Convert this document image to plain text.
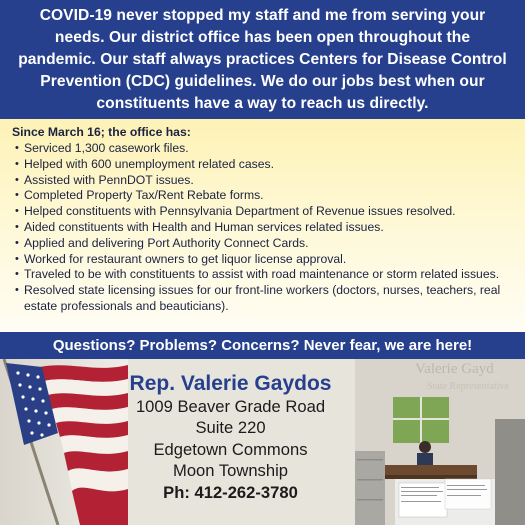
COVID-19 never stopped my staff and me from serving your needs. Our district office has been open throughout the pandemic. Our staff always practices Centers for Disease Control Prevention (CDC) guidelines. We do our jobs best when our constituents have a way to reach us directly.

Since March 16; the office has:
• Serviced 1,300 casework files.
• Helped with 600 unemployment related cases.
• Assisted with PennDOT issues.
• Completed Property Tax/Rent Rebate forms.
• Helped constituents with Pennsylvania Department of Revenue issues resolved.
• Aided constituents with Health and Human services related issues.
• Applied and delivering Port Authority Connect Cards.
• Worked for restaurant owners to get liquor license approval.
• Traveled to be with constituents to assist with road maintenance or storm related issues.
• Resolved state licensing issues for our front-line workers (doctors, nurses, teachers, real estate professionals and beauticians).
Questions? Problems? Concerns? Never fear, we are here!
Valerie Gayd
State Representative
Rep. Valerie Gaydos
1009 Beaver Grade Road
Suite 220
Edgetown Commons
Moon Township
Ph: 412-262-3780
